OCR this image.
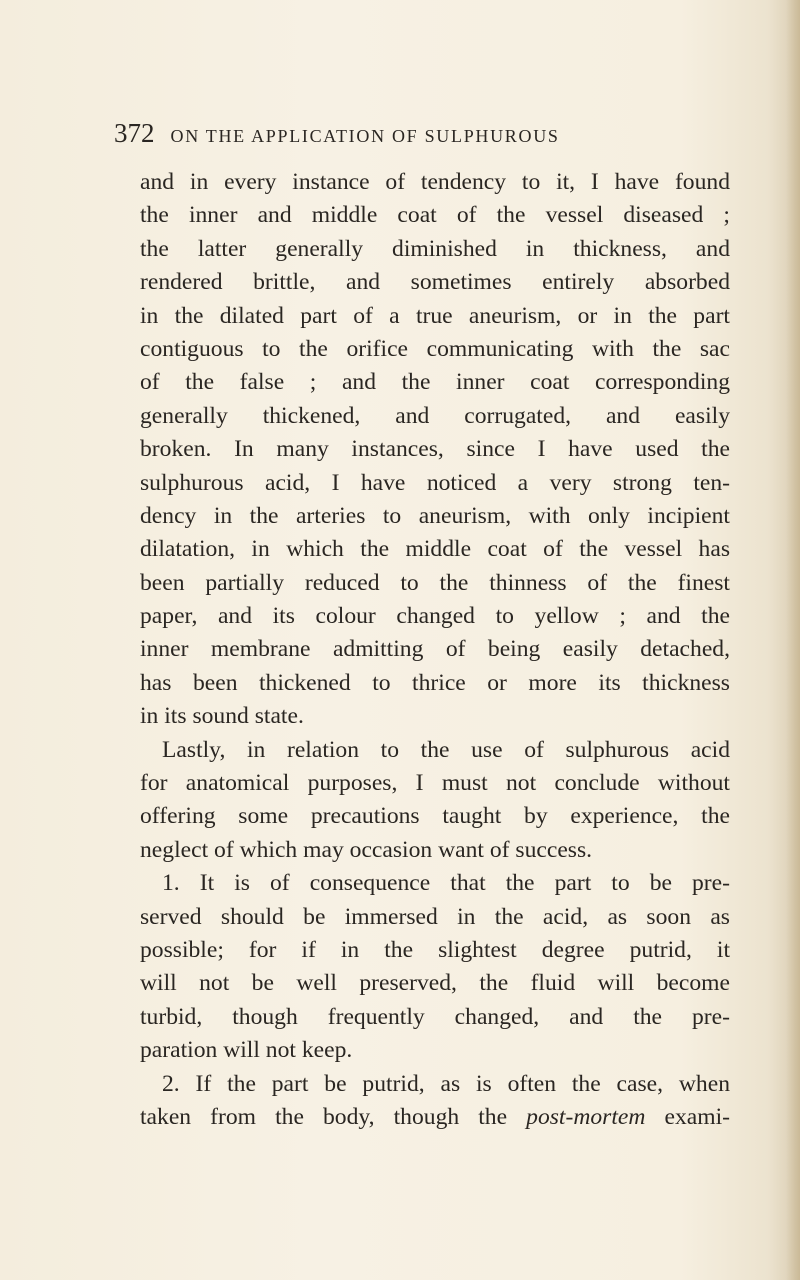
372 ON THE APPLICATION OF SULPHUROUS
and in every instance of tendency to it, I have found
the inner and middle coat of the vessel diseased ;
the latter generally diminished in thickness, and
rendered brittle, and sometimes entirely absorbed
in the dilated part of a true aneurism, or in the part
contiguous to the orifice communicating with the sac
of the false ; and the inner coat corresponding
generally thickened, and corrugated, and easily
broken. In many instances, since I have used the
sulphurous acid, I have noticed a very strong ten-
dency in the arteries to aneurism, with only incipient
dilatation, in which the middle coat of the vessel has
been partially reduced to the thinness of the finest
paper, and its colour changed to yellow ; and the
inner membrane admitting of being easily detached,
has been thickened to thrice or more its thickness
in its sound state.
Lastly, in relation to the use of sulphurous acid
for anatomical purposes, I must not conclude without
offering some precautions taught by experience, the
neglect of which may occasion want of success.
1. It is of consequence that the part to be pre-
served should be immersed in the acid, as soon as
possible; for if in the slightest degree putrid, it
will not be well preserved, the fluid will become
turbid, though frequently changed, and the pre-
paration will not keep.
2. If the part be putrid, as is often the case, when
taken from the body, though the post-mortem exami-
